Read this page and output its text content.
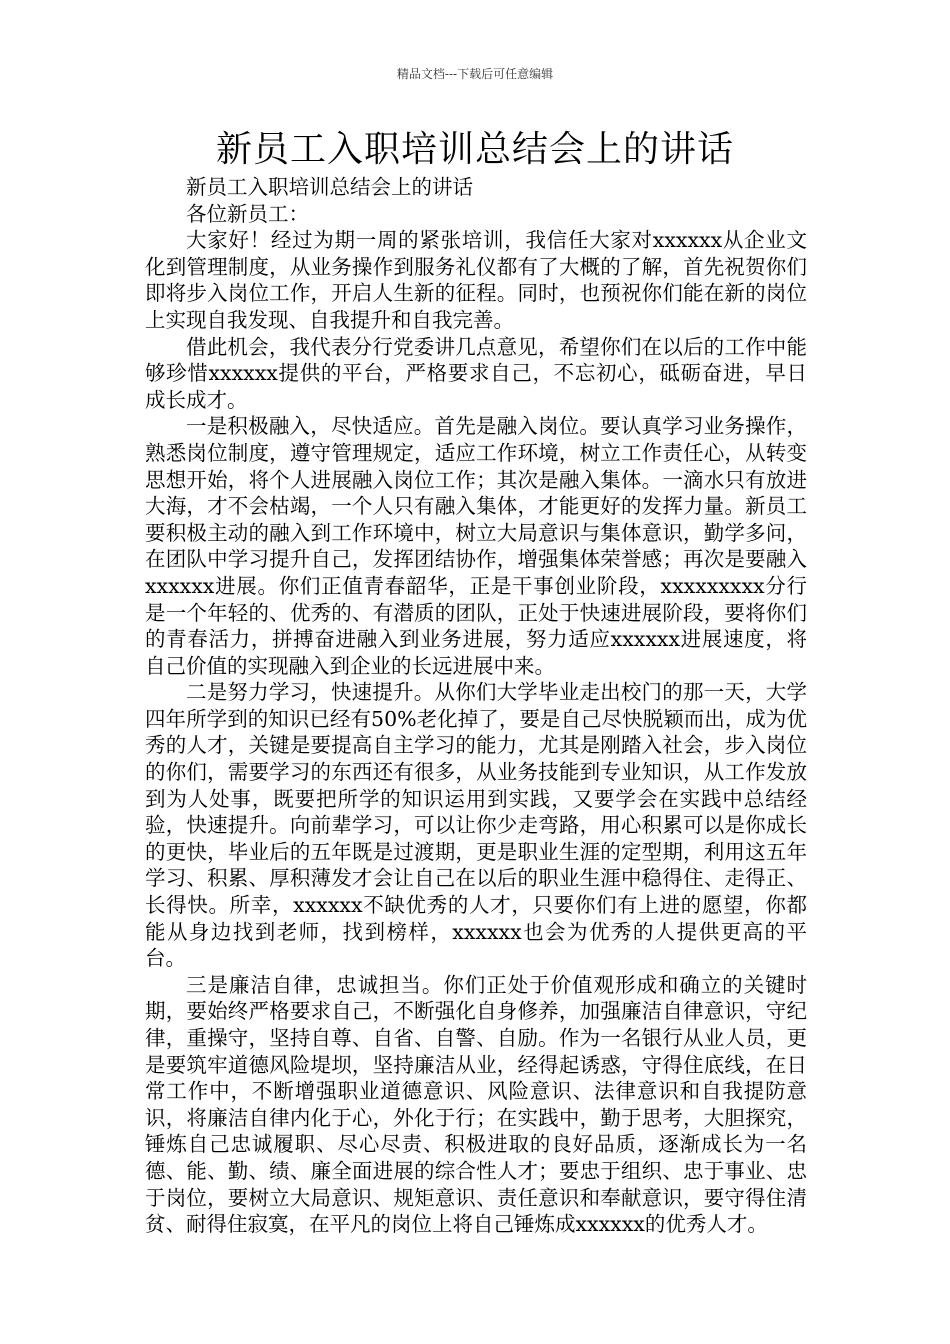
精品文档---下载后可任意编辑
新员工入职培训总结会上的讲话

新员工入职培训总结会上的讲话

各位新员工：

大家好！经过为期一周的紧张培训，我信任大家对xxxxxx从企业文化到管理制度，从业务操作到服务礼仪都有了大概的了解，首先祝贺你们即将步入岗位工作，开启人生新的征程。同时，也预祝你们能在新的岗位上实现自我发现、自我提升和自我完善。

借此机会，我代表分行党委讲几点意见，希望你们在以后的工作中能够珍惜xxxxxx提供的平台，严格要求自己，不忘初心，砥砺奋进，早日成长成才。

一是积极融入，尽快适应。首先是融入岗位。要认真学习业务操作，熟悉岗位制度，遵守管理规定，适应工作环境，树立工作责任心，从转变思想开始，将个人进展融入岗位工作；其次是融入集体。一滴水只有放进大海，才不会枯竭，一个人只有融入集体，才能更好的发挥力量。新员工要积极主动的融入到工作环境中，树立大局意识与集体意识，勤学多问，在团队中学习提升自己，发挥团结协作，增强集体荣誉感；再次是要融入xxxxxx进展。你们正值青春韶华，正是干事创业阶段，xxxxxxxxx分行是一个年轻的、优秀的、有潜质的团队，正处于快速进展阶段，要将你们的青春活力，拼搏奋进融入到业务进展，努力适应xxxxxx进展速度，将自己价值的实现融入到企业的长远进展中来。

二是努力学习，快速提升。从你们大学毕业走出校门的那一天，大学四年所学到的知识已经有50%老化掉了，要是自己尽快脱颖而出，成为优秀的人才，关键是要提高自主学习的能力，尤其是刚踏入社会，步入岗位的你们，需要学习的东西还有很多，从业务技能到专业知识，从工作发放到为人处事，既要把所学的知识运用到实践，又要学会在实践中总结经验，快速提升。向前辈学习，可以让你少走弯路，用心积累可以是你成长的更快，毕业后的五年既是过渡期，更是职业生涯的定型期，利用这五年学习、积累、厚积薄发才会让自己在以后的职业生涯中稳得住、走得正、长得快。所幸，xxxxxx不缺优秀的人才，只要你们有上进的愿望，你都能从身边找到老师，找到榜样，xxxxxx也会为优秀的人提供更高的平台。

三是廉洁自律，忠诚担当。你们正处于价值观形成和确立的关键时期，要始终严格要求自己，不断强化自身修养，加强廉洁自律意识，守纪律，重操守，坚持自尊、自省、自警、自励。作为一名银行从业人员，更是要筑牢道德风险堤坝，坚持廉洁从业，经得起诱惑，守得住底线，在日常工作中，不断增强职业道德意识、风险意识、法律意识和自我提防意识，将廉洁自律内化于心，外化于行；在实践中，勤于思考，大胆探究，锤炼自己忠诚履职、尽心尽责、积极进取的良好品质，逐渐成长为一名德、能、勤、绩、廉全面进展的综合性人才；要忠于组织、忠于事业、忠于岗位，要树立大局意识、规矩意识、责任意识和奉献意识，要守得住清贫、耐得住寂寞，在平凡的岗位上将自己锤炼成xxxxxx的优秀人才。
